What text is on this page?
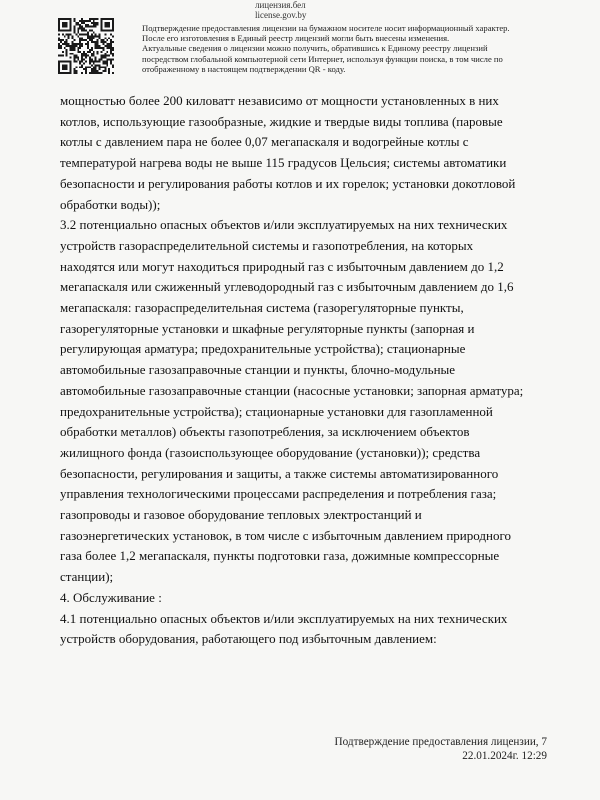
лицензия.бел
license.gov.by

Подтверждение предоставления лицензии на бумажном носителе носит информационный характер.

После его изготовления в Единый реестр лицензий могли быть внесены изменения.

Актуальные сведения о лицензии можно получить, обратившись к Единому реестру лицензий

посредством глобальной компьютерной сети Интернет, используя функции поиска, в том числе по

отображенному в настоящем подтверждении QR - коду.

мощностью более 200 киловатт независимо от мощности установленных в них

котлов, использующие газообразные, жидкие и твердые виды топлива (паровые

котлы с давлением пара не более 0,07 мегапаскаля и водогрейные котлы с

температурой нагрева воды не выше 115 градусов Цельсия; системы автоматики

безопасности и регулирования работы котлов и их горелок; установки докотловой

обработки воды));

3.2 потенциально опасных объектов и/или эксплуатируемых на них технических

устройств газораспределительной системы и газопотребления, на которых

находятся или могут находиться природный газ с избыточным давлением до 1,2

мегапаскаля или сжиженный углеводородный газ с избыточным давлением до 1,6

мегапаскаля: газораспределительная система (газорегуляторные пункты,

газорегуляторные установки и шкафные регуляторные пункты (запорная и

регулирующая арматура; предохранительные устройства); стационарные

автомобильные газозаправочные станции и пункты, блочно-модульные

автомобильные газозаправочные станции (насосные установки; запорная арматура;

предохранительные устройства); стационарные установки для газопламенной

обработки металлов) объекты газопотребления, за исключением объектов

жилищного фонда (газоиспользующее оборудование (установки)); средства

безопасности, регулирования и защиты, а также системы автоматизированного

управления технологическими процессами распределения и потребления газа;

газопроводы и газовое оборудование тепловых электростанций и

газоэнергетических установок, в том числе с избыточным давлением природного

газа более 1,2 мегапаскаля, пункты подготовки газа, дожимные компрессорные

станции);

4. Обслуживание :

4.1 потенциально опасных объектов и/или эксплуатируемых на них технических

устройств оборудования, работающего под избыточным давлением:

Подтверждение предоставления лицензии, 7
22.01.2024г. 12:29
